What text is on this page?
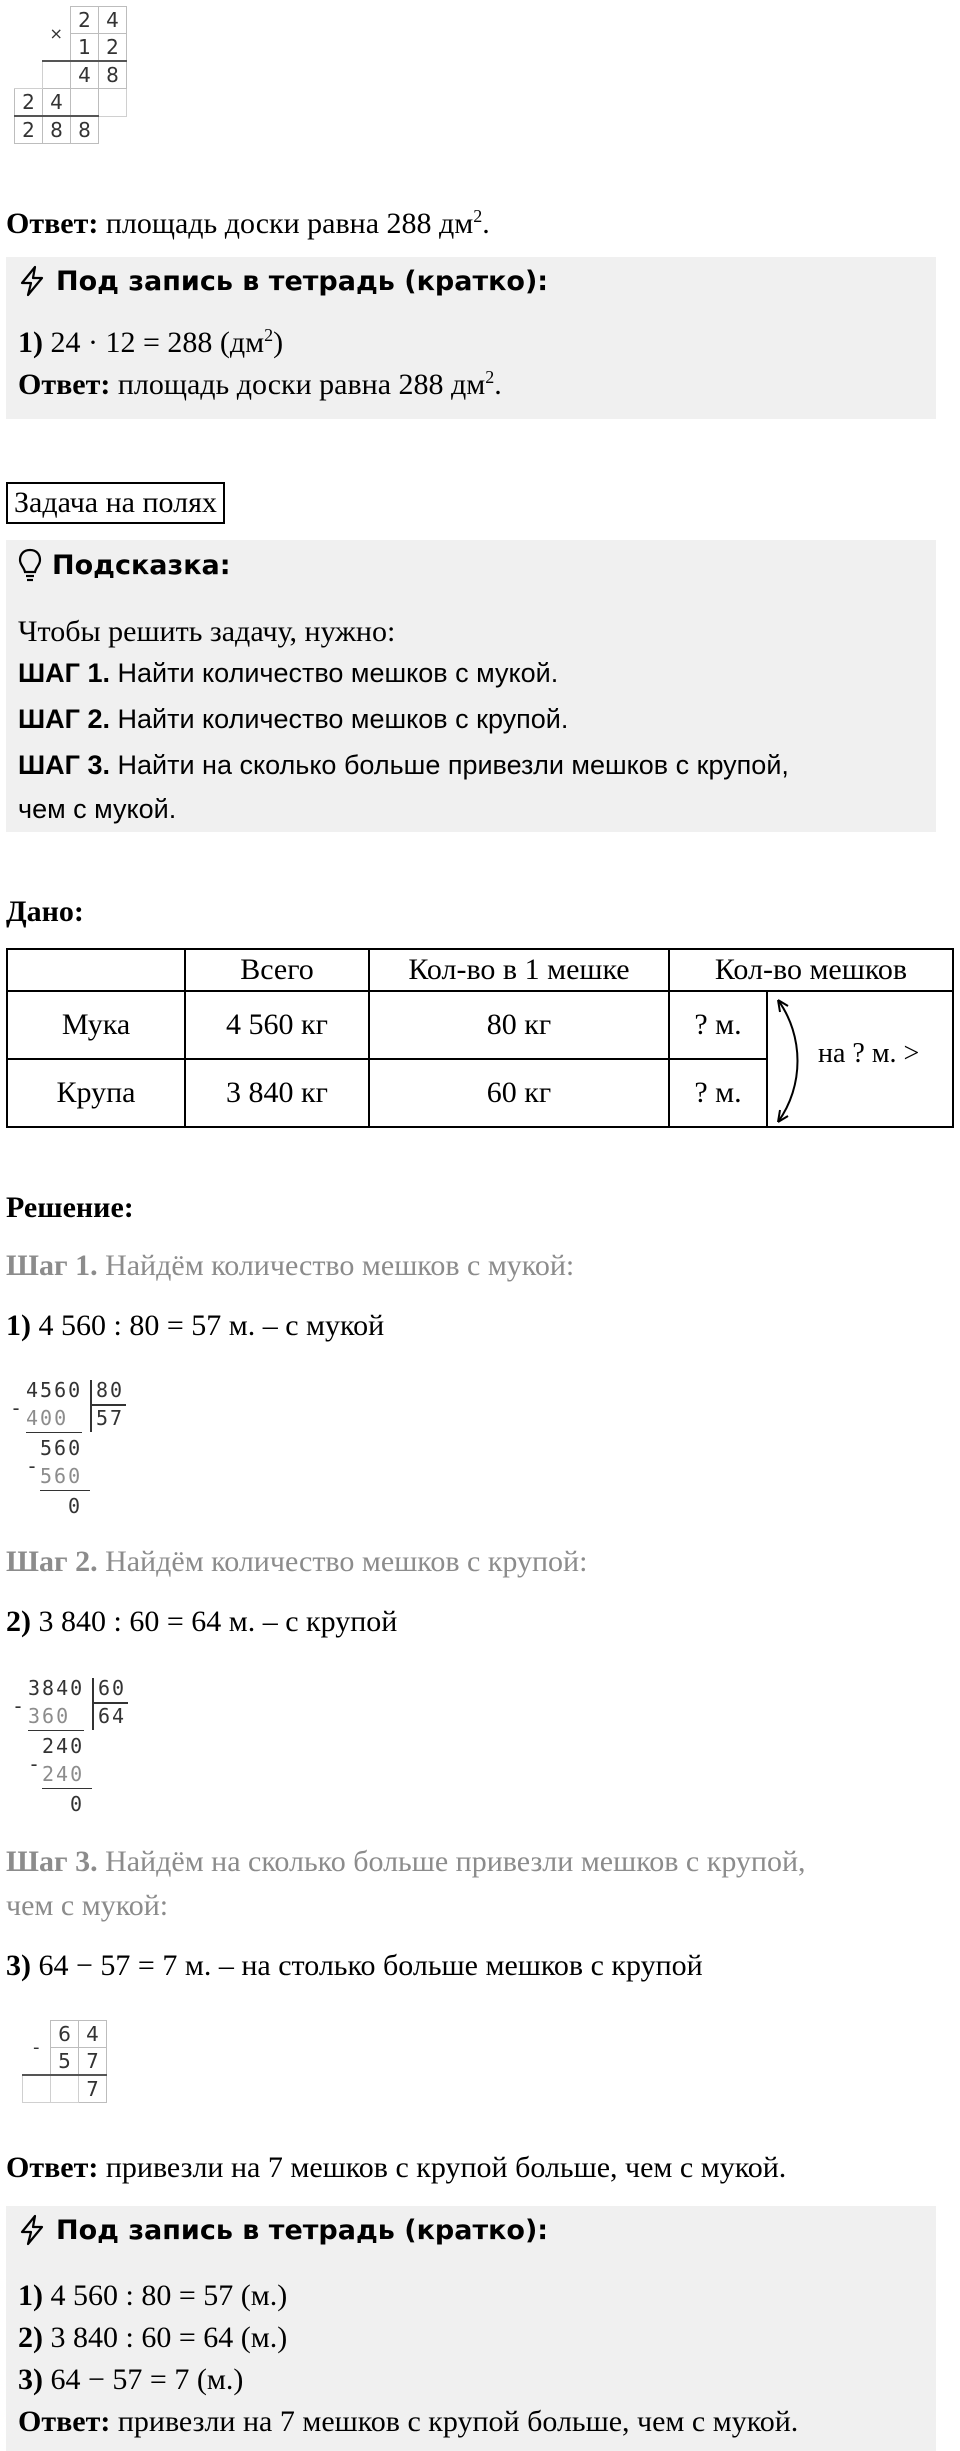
	×	2	4
		1	2
		4	8
2	4		
2	8	8	
Ответ: площадь доски равна 288 $дм^2$.
Под запись в тетрадь (кратко):
1) 24 · 12 = 288 $(дм^2)$
Ответ: площадь доски равна 288 $дм^2$.
Задача на полях
Подсказка:
Чтобы решить задачу, нужно:
ШАГ 1. Найти количество мешков с мукой.
ШАГ 2. Найти количество мешков с крупой.
ШАГ 3. Найти на сколько больше привезли мешков с крупой,
чем с мукой.
Дано:
	Всего	Кол-во в 1 мешке	Кол-во мешков	
Мука	4 560 кг	80 кг	? м.	на ? м. >

Крупа	3 840 кг	60 кг	? м.	
Решение:
Шаг 1. Найдём количество мешков с мукой:
1) 4 560 : 80 = 57 м. – с мукой
4560 80
- 400 57
560
- 560
0
Шаг 2. Найдём количество мешков с крупой:
2) 3 840 : 60 = 64 м. – с крупой
3840 60
- 360 64
240
- 240
0
Шаг 3. Найдём на сколько больше привезли мешков с крупой,
чем с мукой:
3) 64 − 57 = 7 м. – на столько больше мешков с крупой
-	6	4
	5	7
		7
Ответ: привезли на 7 мешков с крупой больше, чем с мукой.
Под запись в тетрадь (кратко):
1) 4 560 : 80 = 57 (м.)
2) 3 840 : 60 = 64 (м.)
3) 64 − 57 = 7 (м.)
Ответ: привезли на 7 мешков с крупой больше, чем с мукой.
